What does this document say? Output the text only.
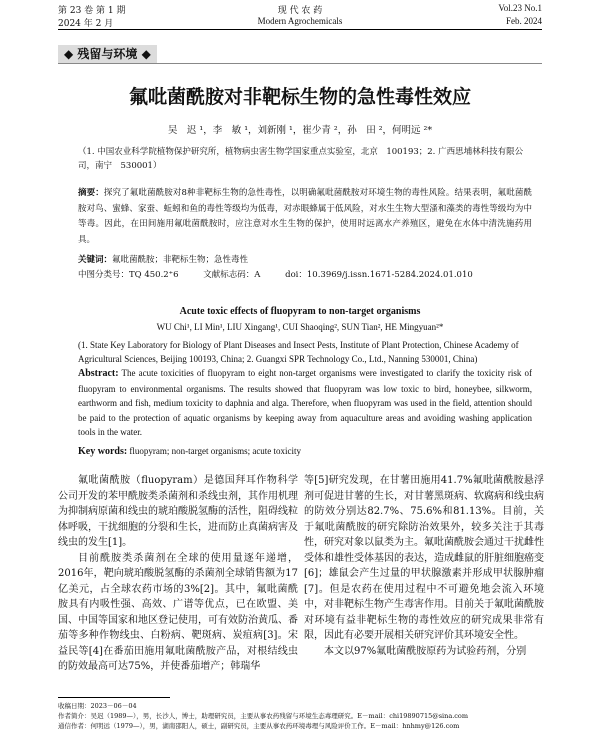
第 23 卷 第 1 期
2024 年 2 月
现 代 农 药
Modern Agrochemicals
Vol.23 No.1
Feb. 2024
◆ 残留与环境 ◆
氟吡菌酰胺对非靶标生物的急性毒性效应
吴　迟 ¹，李　敏 ¹，刘新刚 ¹，崔少青 ²，孙　田 ²，何明远 ²*
（1. 中国农业科学院植物保护研究所，植物病虫害生物学国家重点实验室，北京　100193；2. 广西思埔林科技有限公司，南宁　530001）
摘要：探究了氟吡菌酰胺对8种非靶标生物的急性毒性，以明确氟吡菌酰胺对环境生物的毒性风险。结果表明，氟吡菌酰胺对鸟、蜜蜂、家蚕、蚯蚓和鱼的毒性等级均为低毒，对赤眼蜂属于低风险，对水生生物大型溞和藻类的毒性等级均为中等毒。因此，在田间施用氟吡菌酰胺时，应注意对水生生物的保护，使用时远离水产养殖区，避免在水体中清洗施药用具。
关键词：氟吡菌酰胺；非靶标生物；急性毒性
中图分类号：TQ 450.2⁺6	文献标志码：A	doi：10.3969/j.issn.1671-5284.2024.01.010
Acute toxic effects of fluopyram to non-target organisms
WU Chi¹, LI Min¹, LIU Xingang¹, CUI Shaoqing², SUN Tian², HE Mingyuan²*
(1. State Key Laboratory for Biology of Plant Diseases and Insect Pests, Institute of Plant Protection, Chinese Academy of Agricultural Sciences, Beijing 100193, China; 2. Guangxi SPR Technology Co., Ltd., Nanning 530001, China)
Abstract: The acute toxicities of fluopyram to eight non-target organisms were investigated to clarify the toxicity risk of fluopyram to environmental organisms. The results showed that fluopyram was low toxic to bird, honeybee, silkworm, earthworm and fish, medium toxicity to daphnia and alga. Therefore, when fluopyram was used in the field, attention should be paid to the protection of aquatic organisms by keeping away from aquaculture areas and avoiding washing application tools in the water.
Key words: fluopyram; non-target organisms; acute toxicity

氟吡菌酰胺（fluopyram）是德国拜耳作物科学公司开发的苯甲酰胺类杀菌剂和杀线虫剂，其作用机理为抑制病原菌和线虫的琥珀酸脱氢酶的活性，阻碍线粒体呼吸，干扰细胞的分裂和生长，进而防止真菌病害及线虫的发生[1]。

目前酰胺类杀菌剂在全球的使用量逐年递增，2016年，靶向琥珀酸脱氢酶的杀菌剂全球销售额为17亿美元，占全球农药市场的3%[2]。其中，氟吡菌酰胺具有内吸性强、高效、广谱等优点，已在欧盟、美国、中国等国家和地区登记使用，可有效防治黄瓜、番茄等多种作物线虫、白粉病、靶斑病、炭疽病[3]。宋益民等[4]在番茄田施用氟吡菌酰胺产品，对根结线虫的防效最高可达75%，并使番茄增产；韩瑞华

等[5]研究发现，在甘薯田施用41.7%氟吡菌酰胺悬浮剂可促进甘薯的生长，对甘薯黑斑病、软腐病和线虫病的防效分别达82.7%、75.6%和81.13%。目前，关于氟吡菌酰胺的研究除防治效果外，较多关注于其毒性，研究对象以鼠类为主。氟吡菌酰胺会通过干扰雌性受体和雄性受体基因的表达，造成雌鼠的肝脏细胞癌变[6]；雄鼠会产生过量的甲状腺激素并形成甲状腺肿瘤[7]。但是农药在使用过程中不可避免地会流入环境中，对非靶标生物产生毒害作用。目前关于氟吡菌酰胺对环境有益非靶标生物的毒性效应的研究成果非常有限，因此有必要开展相关研究评价其环境安全性。

本文以97%氟吡菌酰胺原药为试验药剂，分别

收稿日期：2023－06－04
作者简介：吴迟（1989—），男，长沙人，博士，助理研究员，主要从事农药残留与环境生态毒理研究。E－mail：chi19890715@sina.com
通信作者：何明远（1979—），男，湖南邵阳人，硕士，副研究员，主要从事农药环境毒理与风险评价工作。E－mail：hnhmy@126.com
